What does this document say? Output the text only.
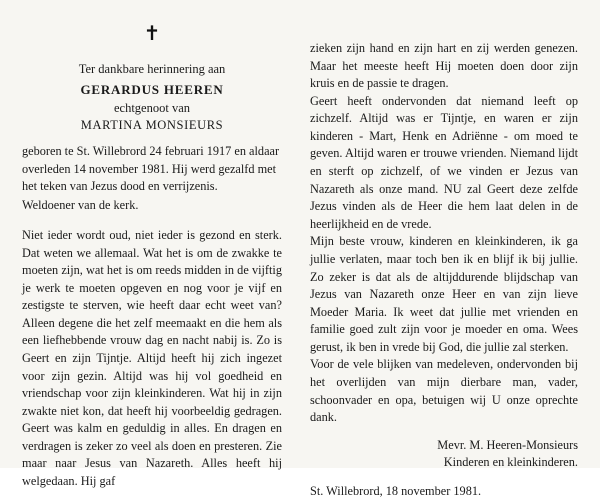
✝
Ter dankbare herinnering aan
GERARDUS HEEREN
echtgenoot van
MARTINA MONSIEURS
geboren te St. Willebrord 24 februari 1917 en aldaar overleden 14 november 1981. Hij werd gezalfd met het teken van Jezus dood en verrijzenis.
Weldoener van de kerk.
Niet ieder wordt oud, niet ieder is gezond en sterk. Dat weten we allemaal. Wat het is om de zwakke te moeten zijn, wat het is om reeds midden in de vijftig je werk te moeten opgeven en nog voor je vijf en zestigste te sterven, wie heeft daar echt weet van? Alleen degene die het zelf meemaakt en die hem als een liefhebbende vrouw dag en nacht nabij is. Zo is Geert en zijn Tijntje. Altijd heeft hij zich ingezet voor zijn gezin. Altijd was hij vol goedheid en vriendschap voor zijn kleinkinderen. Wat hij in zijn zwakte niet kon, dat heeft hij voorbeeldig gedragen. Geert was kalm en geduldig in alles. En dragen en verdragen is zeker zo veel als doen en presteren. Zie maar naar Jesus van Nazareth. Alles heeft hij welgedaan. Hij gaf
zieken zijn hand en zijn hart en zij werden genezen. Maar het meeste heeft Hij moeten doen door zijn kruis en de passie te dragen.
Geert heeft ondervonden dat niemand leeft op zichzelf. Altijd was er Tijntje, en waren er zijn kinderen - Mart, Henk en Adriënne - om moed te geven. Altijd waren er trouwe vrienden. Niemand lijdt en sterft op zichzelf, of we vinden er Jezus van Nazareth als onze mand. NU zal Geert deze zelfde Jezus vinden als de Heer die hem laat delen in de heerlijkheid en de vrede.
Mijn beste vrouw, kinderen en kleinkinderen, ik ga jullie verlaten, maar toch ben ik en blijf ik bij jullie. Zo zeker is dat als de altijddurende blijdschap van Jezus van Nazareth onze Heer en van zijn lieve Moeder Maria. Ik weet dat jullie met vrienden en familie goed zult zijn voor je moeder en oma. Wees gerust, ik ben in vrede bij God, die jullie zal sterken.
Voor de vele blijken van medeleven, ondervonden bij het overlijden van mijn dierbare man, vader, schoonvader en opa, betuigen wij U onze oprechte dank.
Mevr. M. Heeren-Monsieurs
Kinderen en kleinkinderen.
St. Willebrord, 18 november 1981.
